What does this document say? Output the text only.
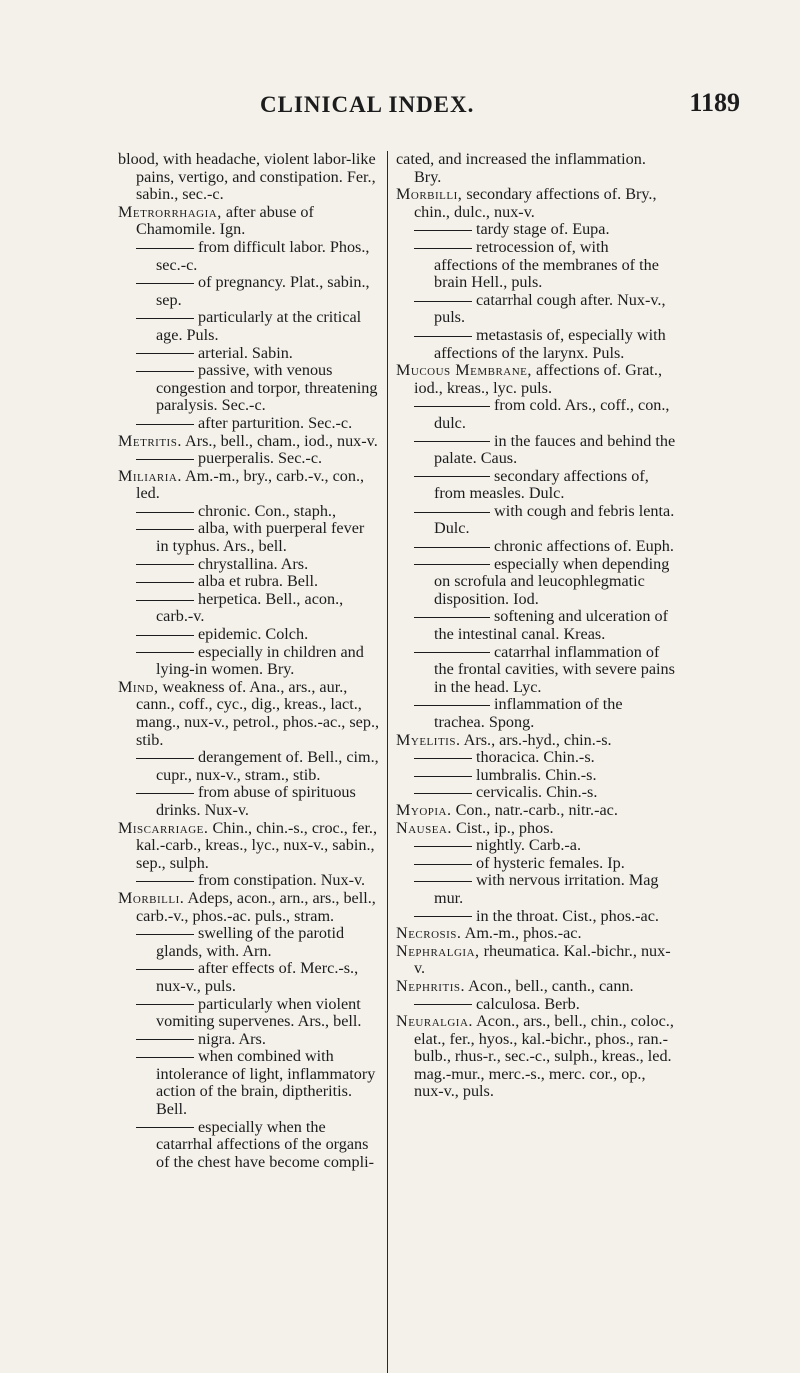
CLINICAL INDEX.	1189

blood, with headache, violent labor-like pains, vertigo, and constipation. Fer., sabin., sec.-c.

Metrorrhagia, after abuse of Chamomile. Ign.

from difficult labor. Phos., sec.-c.

of pregnancy. Plat., sabin., sep.

particularly at the critical age. Puls.

arterial. Sabin.

passive, with venous congestion and torpor, threatening paralysis. Sec.-c.

after parturition. Sec.-c.

Metritis. Ars., bell., cham., iod., nux-v.

puerperalis. Sec.-c.

Miliaria. Am.-m., bry., carb.-v., con., led.

chronic. Con., staph.,

alba, with puerperal fever in typhus. Ars., bell.

chrystallina. Ars.

alba et rubra. Bell.

herpetica. Bell., acon., carb.-v.

epidemic. Colch.

especially in children and lying-in women. Bry.

Mind, weakness of. Ana., ars., aur., cann., coff., cyc., dig., kreas., lact., mang., nux-v., petrol., phos.-ac., sep., stib.

derangement of. Bell., cim., cupr., nux-v., stram., stib.

from abuse of spirituous drinks. Nux-v.

Miscarriage. Chin., chin.-s., croc., fer., kal.-carb., kreas., lyc., nux-v., sabin., sep., sulph.

from constipation. Nux-v.

Morbilli. Adeps, acon., arn., ars., bell., carb.-v., phos.-ac. puls., stram.

swelling of the parotid glands, with. Arn.

after effects of. Merc.-s., nux-v., puls.

particularly when violent vomiting supervenes. Ars., bell.

nigra. Ars.

when combined with intolerance of light, inflammatory action of the brain, diptheritis. Bell.

especially when the catarrhal affections of the organs of the chest have become compli-

cated, and increased the inflammation. Bry.

Morbilli, secondary affections of. Bry., chin., dulc., nux-v.

tardy stage of. Eupa.

retrocession of, with affections of the membranes of the brain Hell., puls.

catarrhal cough after. Nux-v., puls.

metastasis of, especially with affections of the larynx. Puls.

Mucous Membrane, affections of. Grat., iod., kreas., lyc. puls.

from cold. Ars., coff., con., dulc.

in the fauces and behind the palate. Caus.

secondary affections of, from measles. Dulc.

with cough and febris lenta. Dulc.

chronic affections of. Euph.

especially when depending on scrofula and leucophlegmatic disposition. Iod.

softening and ulceration of the intestinal canal. Kreas.

catarrhal inflammation of the frontal cavities, with severe pains in the head. Lyc.

inflammation of the trachea. Spong.

Myelitis. Ars., ars.-hyd., chin.-s.

thoracica. Chin.-s.

lumbralis. Chin.-s.

cervicalis. Chin.-s.

Myopia. Con., natr.-carb., nitr.-ac.

Nausea. Cist., ip., phos.

nightly. Carb.-a.

of hysteric females. Ip.

with nervous irritation. Mag mur.

in the throat. Cist., phos.-ac.

Necrosis. Am.-m., phos.-ac.

Nephralgia, rheumatica. Kal.-bichr., nux-v.

Nephritis. Acon., bell., canth., cann.

calculosa. Berb.

Neuralgia. Acon., ars., bell., chin., coloc., elat., fer., hyos., kal.-bichr., phos., ran.-bulb., rhus-r., sec.-c., sulph., kreas., led. mag.-mur., merc.-s., merc. cor., op., nux-v., puls.
